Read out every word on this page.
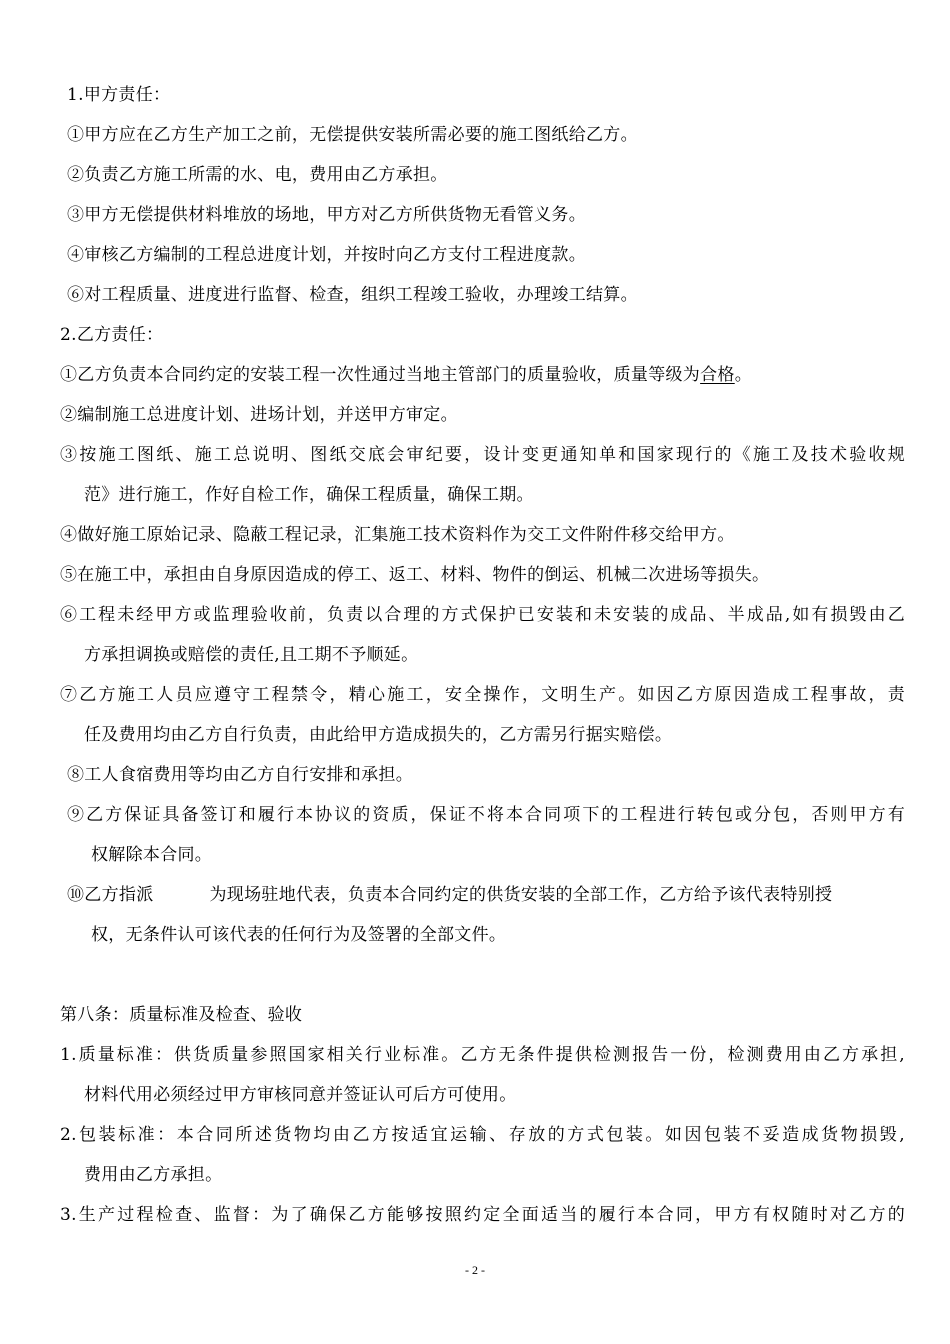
1.甲方责任：
①甲方应在乙方生产加工之前，无偿提供安装所需必要的施工图纸给乙方。
②负责乙方施工所需的水、电，费用由乙方承担。
③甲方无偿提供材料堆放的场地，甲方对乙方所供货物无看管义务。
④审核乙方编制的工程总进度计划，并按时向乙方支付工程进度款。
⑥对工程质量、进度进行监督、检查，组织工程竣工验收，办理竣工结算。
2.乙方责任：
①乙方负责本合同约定的安装工程一次性通过当地主管部门的质量验收，质量等级为合格。
②编制施工总进度计划、进场计划，并送甲方审定。
③按施工图纸、施工总说明、图纸交底会审纪要，设计变更通知单和国家现行的《施工及技术验收规
范》进行施工，作好自检工作，确保工程质量，确保工期。
④做好施工原始记录、隐蔽工程记录，汇集施工技术资料作为交工文件附件移交给甲方。
⑤在施工中，承担由自身原因造成的停工、返工、材料、物件的倒运、机械二次进场等损失。
⑥工程未经甲方或监理验收前，负责以合理的方式保护已安装和未安装的成品、半成品,如有损毁由乙
方承担调换或赔偿的责任,且工期不予顺延。
⑦乙方施工人员应遵守工程禁令，精心施工，安全操作，文明生产。如因乙方原因造成工程事故，责
任及费用均由乙方自行负责，由此给甲方造成损失的，乙方需另行据实赔偿。
⑧工人食宿费用等均由乙方自行安排和承担。
⑨乙方保证具备签订和履行本协议的资质，保证不将本合同项下的工程进行转包或分包，否则甲方有
权解除本合同。
⑩乙方指派	为现场驻地代表，负责本合同约定的供货安装的全部工作，乙方给予该代表特别授
权，无条件认可该代表的任何行为及签署的全部文件。
第八条：质量标准及检查、验收
1.质量标准：供货质量参照国家相关行业标准。乙方无条件提供检测报告一份，检测费用由乙方承担,
材料代用必须经过甲方审核同意并签证认可后方可使用。
2.包装标准：本合同所述货物均由乙方按适宜运输、存放的方式包装。如因包装不妥造成货物损毁,
费用由乙方承担。
3.生产过程检查、监督：为了确保乙方能够按照约定全面适当的履行本合同，甲方有权随时对乙方的
- 2 -
